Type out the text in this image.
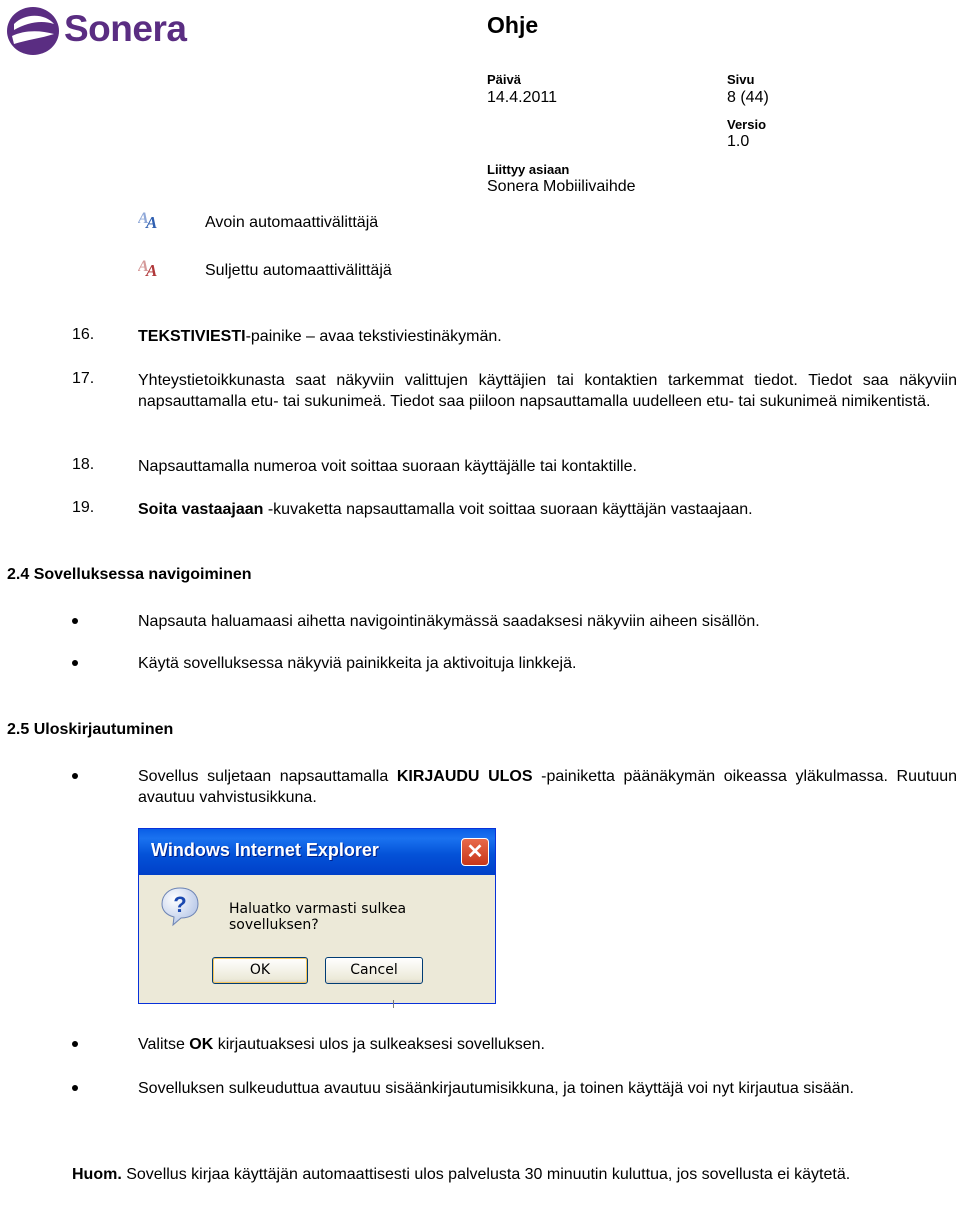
Sonera	Ohje
Päivä
14.4.2011
Sivu
8 (44)
Versio
1.0
Liittyy asiaan
Sonera Mobiilivaihde
A
A	Avoin automaattivälittäjä
A
A	Suljettu automaattivälittäjä
16.	TEKSTIVIESTI-painike – avaa tekstiviestinäkymän.
17.	Yhteystietoikkunasta saat näkyviin valittujen käyttäjien tai kontaktien tarkemmat tiedot. Tiedot saa näkyviin napsauttamalla etu- tai sukunimeä. Tiedot saa piiloon napsauttamalla uudelleen etu- tai sukunimeä nimikentistä.
18.	Napsauttamalla numeroa voit soittaa suoraan käyttäjälle tai kontaktille.
19.	Soita vastaajaan -kuvaketta napsauttamalla voit soittaa suoraan käyttäjän vastaajaan.
2.4 Sovelluksessa navigoiminen
Napsauta haluamaasi aihetta navigointinäkymässä saadaksesi näkyviin aiheen sisällön.
Käytä sovelluksessa näkyviä painikkeita ja aktivoituja linkkejä.
2.5 Uloskirjautuminen
Sovellus suljetaan napsauttamalla KIRJAUDU ULOS -painiketta päänäkymän oikeassa yläkulmassa. Ruutuun avautuu vahvistusikkuna.
Windows Internet Explorer	✕
?	Haluatko varmasti sulkea sovelluksen?
OK	Cancel
Valitse OK kirjautuaksesi ulos ja sulkeaksesi sovelluksen.
Sovelluksen sulkeuduttua avautuu sisäänkirjautumisikkuna, ja toinen käyttäjä voi nyt kirjautua sisään.
Huom. Sovellus kirjaa käyttäjän automaattisesti ulos palvelusta 30 minuutin kuluttua, jos sovellusta ei käytetä.
